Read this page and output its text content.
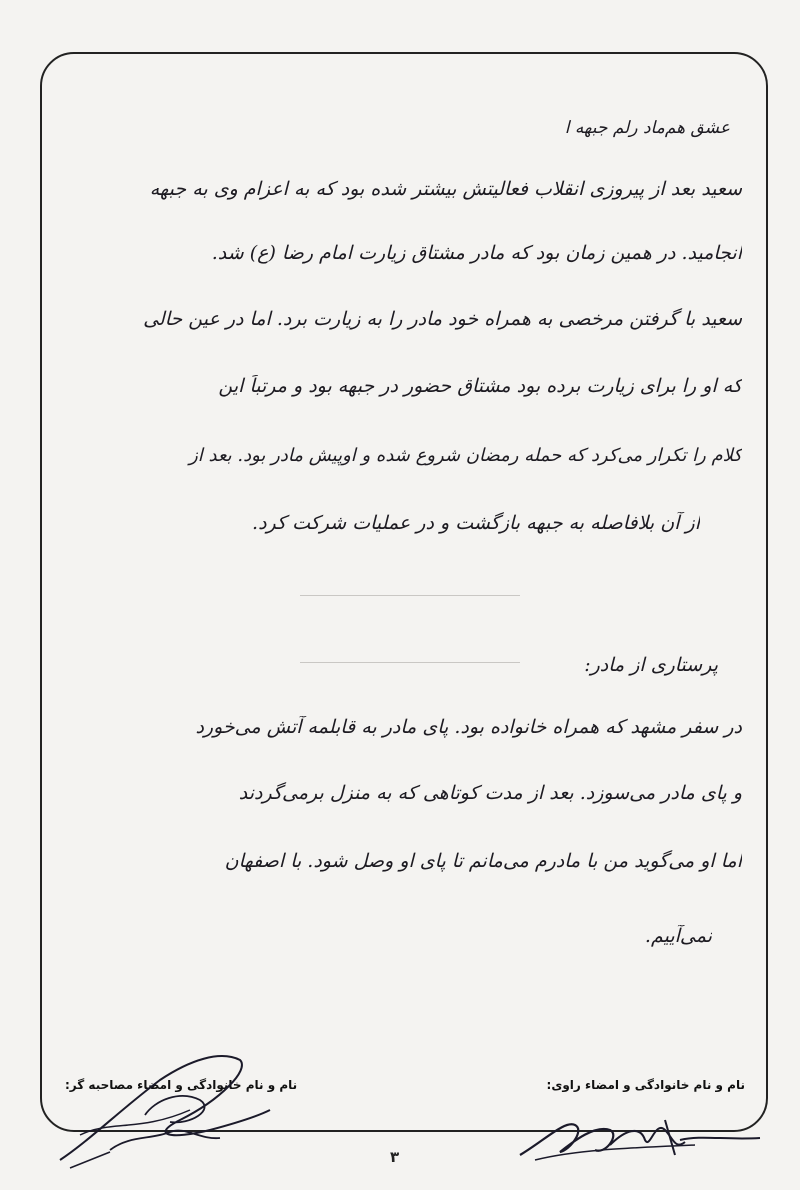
عشق هم‌ماد رلم جبهه ا
سعید بعد از پیروزی انقلاب فعالیتش بیشتر شده بود که به اعزام وی به جبهه
انجامید. در همین زمان بود که مادر مشتاق زیارت امام رضا (ع) شد.
سعید با گرفتن مرخصی به همراه خود مادر را به زیارت برد. اما در عین حالی
که او را برای زیارت برده بود مشتاق حضور در جبهه بود و مرتباً این
کلام را تکرار می‌کرد که حمله رمضان شروع شده و اوپیش مادر بود. بعد از
از آن بلافاصله به جبهه بازگشت و در عملیات شرکت کرد.
پرستاری از مادر:
در سفر مشهد که همراه خانواده بود. پای مادر به قابلمه آتش می‌خورد
و پای مادر می‌سوزد. بعد از مدت کوتاهی که به منزل برمی‌گردند
اما او می‌گوید من با مادرم می‌مانم تا پای او وصل شود. با اصفهان
نمی‌آییم.
نام و نام خانوادگی و امضاء راوی:
نام و نام خانوادگی و امضاء مصاحبه گر:
۳
